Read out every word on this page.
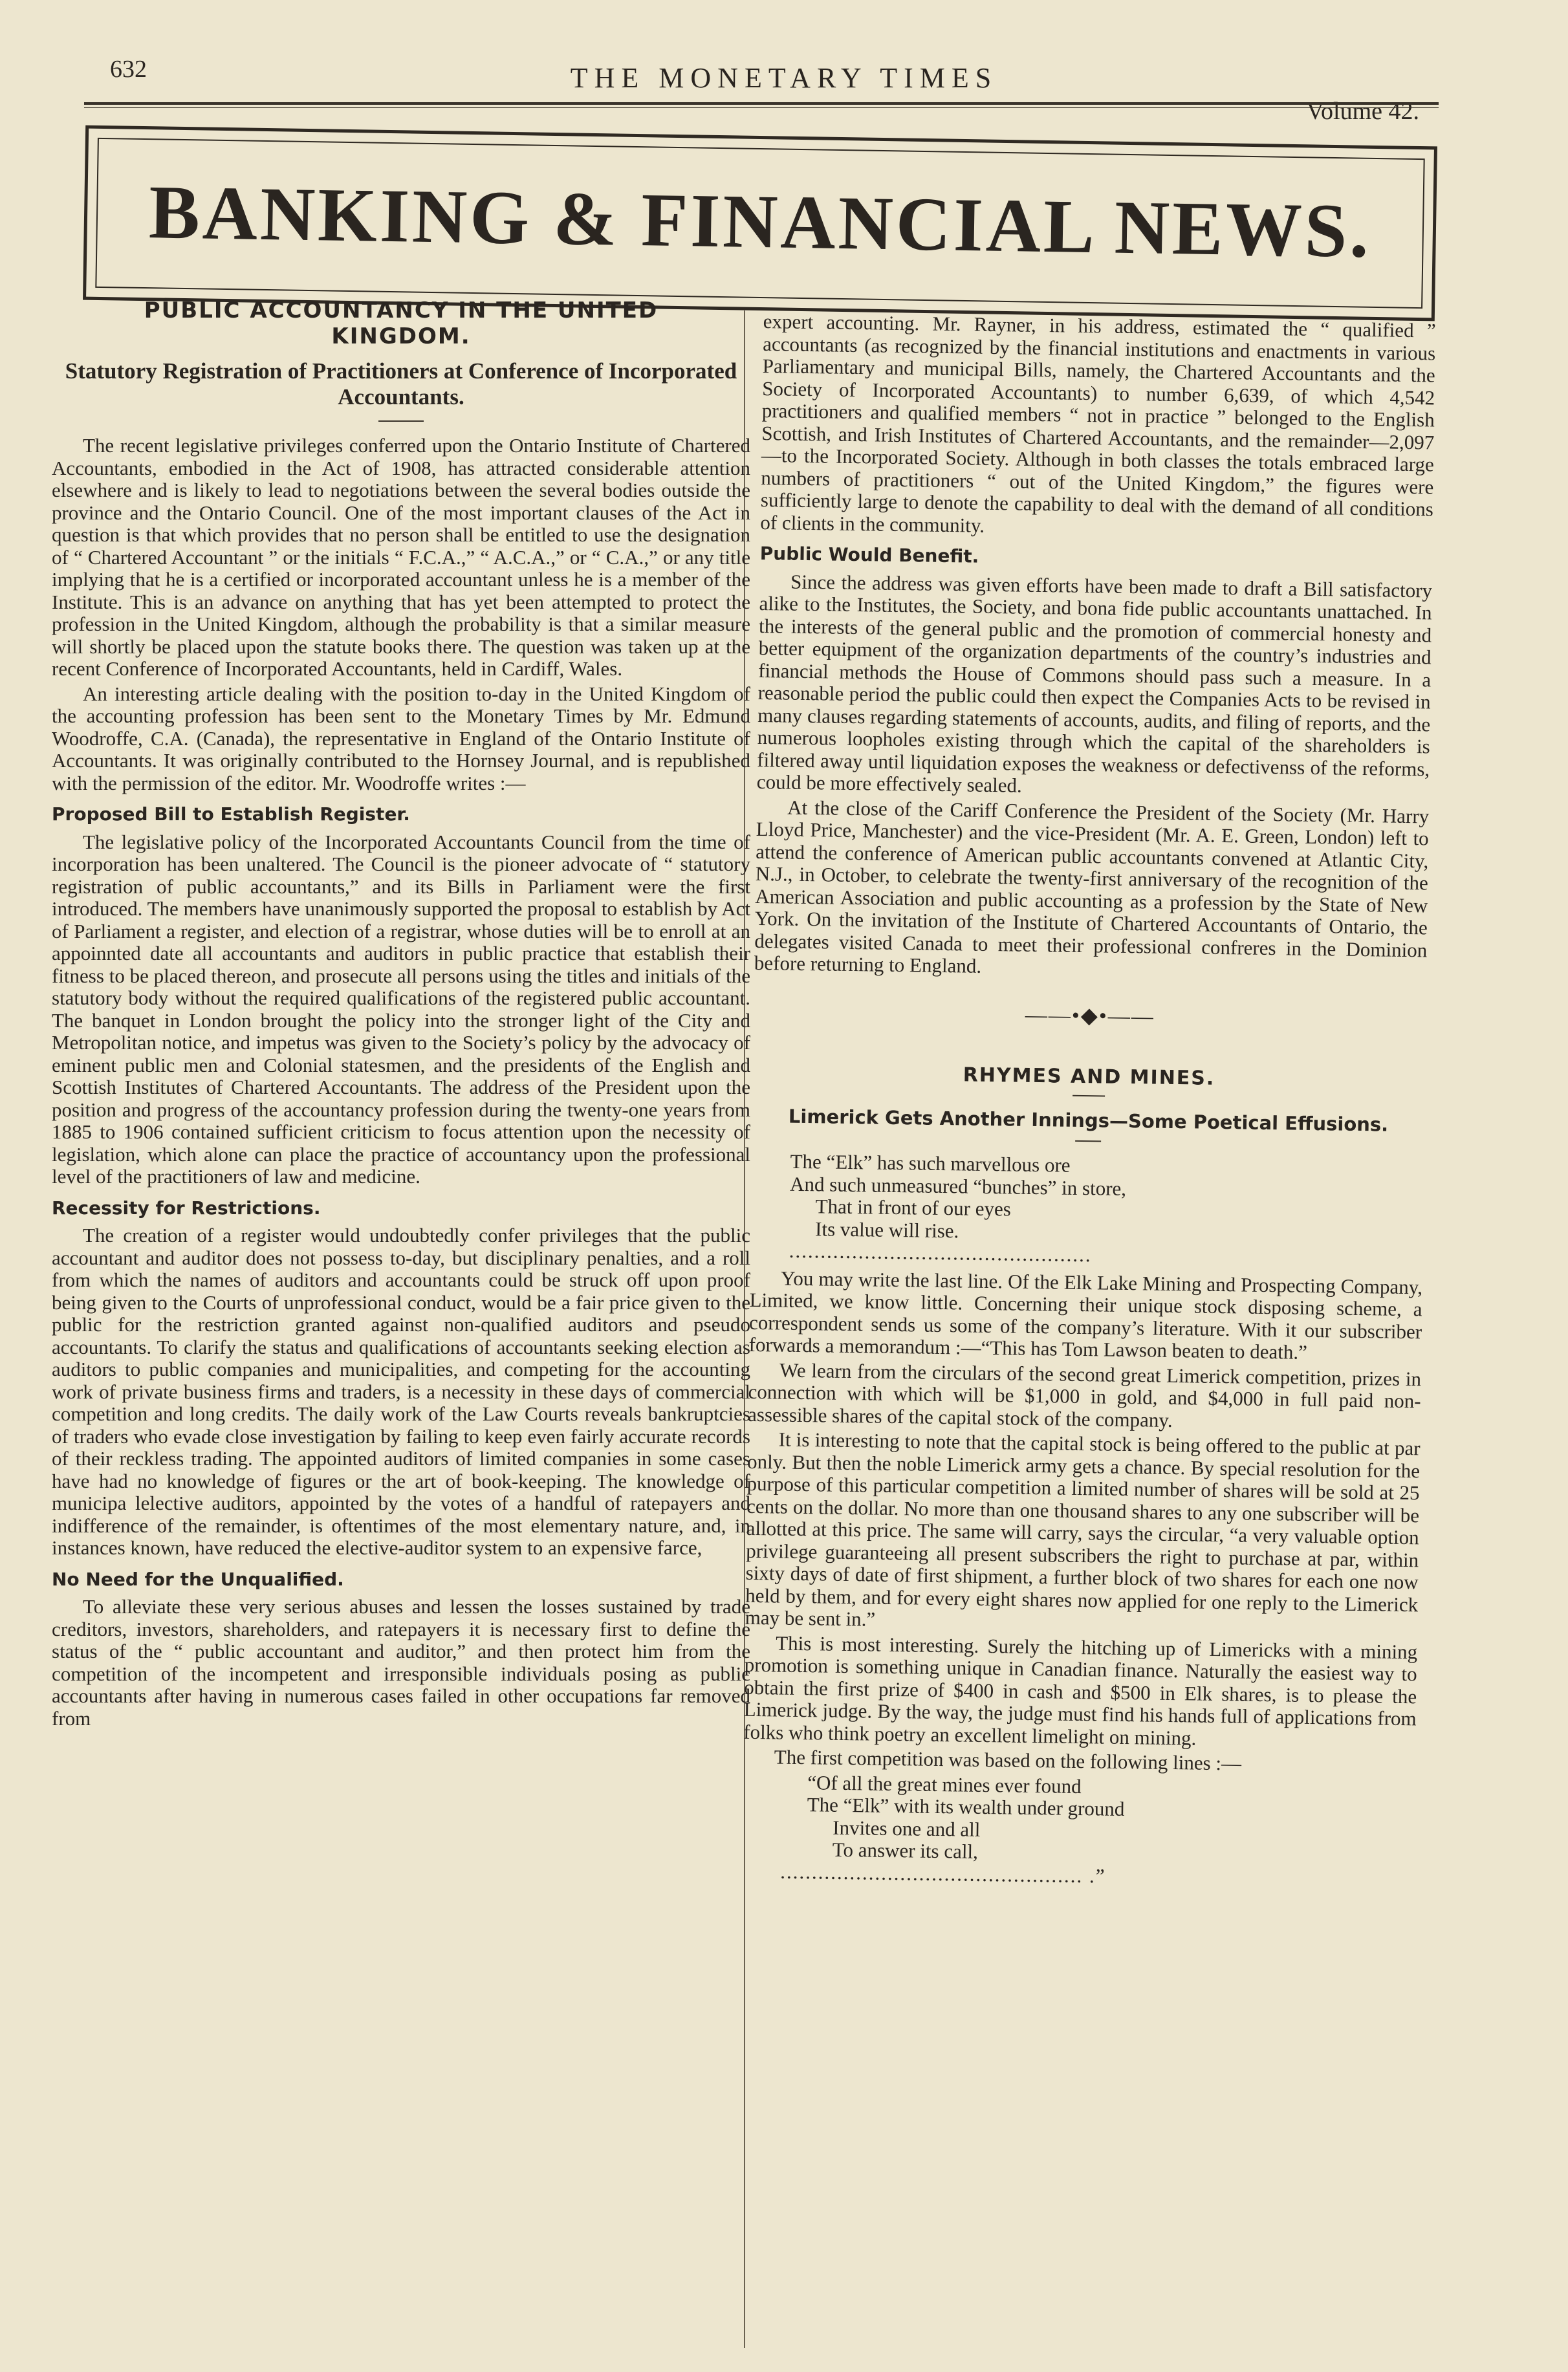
632	THE MONETARY TIMES
Volume 42.
BANKING & FINANCIAL NEWS.
PUBLIC ACCOUNTANCY IN THE UNITED KINGDOM.
Statutory Registration of Practitioners at Conference of Incorporated Accountants.

The recent legislative privileges conferred upon the Ontario Institute of Chartered Accountants, embodied in the Act of 1908, has attracted considerable attention elsewhere and is likely to lead to negotiations between the several bodies outside the province and the Ontario Council. One of the most important clauses of the Act in question is that which provides that no person shall be entitled to use the designation of “ Chartered Accountant ” or the initials “ F.C.A.,” “ A.C.A.,” or “ C.A.,” or any title implying that he is a certified or incorporated accountant unless he is a member of the Institute. This is an advance on anything that has yet been attempted to protect the profession in the United Kingdom, although the probability is that a similar measure will shortly be placed upon the statute books there. The question was taken up at the recent Conference of Incorporated Accountants, held in Cardiff, Wales.

An interesting article dealing with the position to-day in the United Kingdom of the accounting profession has been sent to the Monetary Times by Mr. Edmund Woodroffe, C.A. (Canada), the representative in England of the Ontario Institute of Accountants. It was originally contributed to the Hornsey Journal, and is republished with the permission of the editor. Mr. Woodroffe writes :—

Proposed Bill to Establish Register.

The legislative policy of the Incorporated Accountants Council from the time of incorporation has been unaltered. The Council is the pioneer advocate of “ statutory registration of public accountants,” and its Bills in Parliament were the first introduced. The members have unanimously supported the proposal to establish by Act of Parliament a register, and election of a registrar, whose duties will be to enroll at an appoinnted date all accountants and auditors in public practice that establish their fitness to be placed thereon, and prosecute all persons using the titles and initials of the statutory body without the required qualifications of the registered public accountant. The banquet in London brought the policy into the stronger light of the City and Metropolitan notice, and impetus was given to the Society’s policy by the advocacy of eminent public men and Colonial statesmen, and the presidents of the English and Scottish Institutes of Chartered Accountants. The address of the President upon the position and progress of the accountancy profession during the twenty-one years from 1885 to 1906 contained sufficient criticism to focus attention upon the necessity of legislation, which alone can place the practice of accountancy upon the professional level of the practitioners of law and medicine.

Recessity for Restrictions.

The creation of a register would undoubtedly confer privileges that the public accountant and auditor does not possess to-day, but disciplinary penalties, and a roll from which the names of auditors and accountants could be struck off upon proof being given to the Courts of unprofessional conduct, would be a fair price given to the public for the restriction granted against non-qualified auditors and pseudo accountants. To clarify the status and qualifications of accountants seeking election as auditors to public companies and municipalities, and competing for the accounting work of private business firms and traders, is a necessity in these days of commercial competition and long credits. The daily work of the Law Courts reveals bankruptcies of traders who evade close investigation by failing to keep even fairly accurate records of their reckless trading. The appointed auditors of limited companies in some cases have had no knowledge of figures or the art of book-keeping. The knowledge of municipa lelective auditors, appointed by the votes of a handful of ratepayers and indifference of the remainder, is oftentimes of the most elementary nature, and, in instances known, have reduced the elective-auditor system to an expensive farce,

No Need for the Unqualified.

To alleviate these very serious abuses and lessen the losses sustained by trade creditors, investors, shareholders, and ratepayers it is necessary first to define the status of the “ public accountant and auditor,” and then protect him from the competition of the incompetent and irresponsible individuals posing as public accountants after having in numerous cases failed in other occupations far removed from

expert accounting. Mr. Rayner, in his address, estimated the “ qualified ” accountants (as recognized by the financial institutions and enactments in various Parliamentary and municipal Bills, namely, the Chartered Accountants and the Society of Incorporated Accountants) to number 6,639, of which 4,542 practitioners and qualified members “ not in practice ” belonged to the English Scottish, and Irish Institutes of Chartered Accountants, and the remainder—2,097—to the Incorporated Society. Although in both classes the totals embraced large numbers of practitioners “ out of the United Kingdom,” the figures were sufficiently large to denote the capability to deal with the demand of all conditions of clients in the community.

Public Would Benefit.

Since the address was given efforts have been made to draft a Bill satisfactory alike to the Institutes, the Society, and bona fide public accountants unattached. In the interests of the general public and the promotion of commercial honesty and better equipment of the organization departments of the country’s industries and financial methods the House of Commons should pass such a measure. In a reasonable period the public could then expect the Companies Acts to be revised in many clauses regarding statements of accounts, audits, and filing of reports, and the numerous loopholes existing through which the capital of the shareholders is filtered away until liquidation exposes the weakness or defectivenss of the reforms, could be more effectively sealed.

At the close of the Cariff Conference the President of the Society (Mr. Harry Lloyd Price, Manchester) and the vice-President (Mr. A. E. Green, London) left to attend the conference of American public accountants convened at Atlantic City, N.J., in October, to celebrate the twenty-first anniversary of the recognition of the American Association and public accounting as a profession by the State of New York. On the invitation of the Institute of Chartered Accountants of Ontario, the delegates visited Canada to meet their professional confreres in the Dominion before returning to England.

——•◆•——
RHYMES AND MINES.
Limerick Gets Another Innings—Some Poetical Effusions.
The “Elk” has such marvellous ore
And such unmeasured “bunches” in store,
That in front of our eyes
Its value will rise.
................................................

You may write the last line. Of the Elk Lake Mining and Prospecting Company, Limited, we know little. Concerning their unique stock disposing scheme, a correspondent sends us some of the company’s literature. With it our subscriber forwards a memorandum :—“This has Tom Lawson beaten to death.”

We learn from the circulars of the second great Limerick competition, prizes in connection with which will be $1,000 in gold, and $4,000 in full paid non-assessible shares of the capital stock of the company.

It is interesting to note that the capital stock is being offered to the public at par only. But then the noble Limerick army gets a chance. By special resolution for the purpose of this particular competition a limited number of shares will be sold at 25 cents on the dollar. No more than one thousand shares to any one subscriber will be allotted at this price. The same will carry, says the circular, “a very valuable option privilege guaranteeing all present subscribers the right to purchase at par, within sixty days of date of first shipment, a further block of two shares for each one now held by them, and for every eight shares now applied for one reply to the Limerick may be sent in.”

This is most interesting. Surely the hitching up of Limericks with a mining promotion is something unique in Canadian finance. Naturally the easiest way to obtain the first prize of $400 in cash and $500 in Elk shares, is to please the Limerick judge. By the way, the judge must find his hands full of applications from folks who think poetry an excellent limelight on mining.

The first competition was based on the following lines :—

“Of all the great mines ever found
The “Elk” with its wealth under ground
Invites one and all
To answer its call,
................................................ .”
